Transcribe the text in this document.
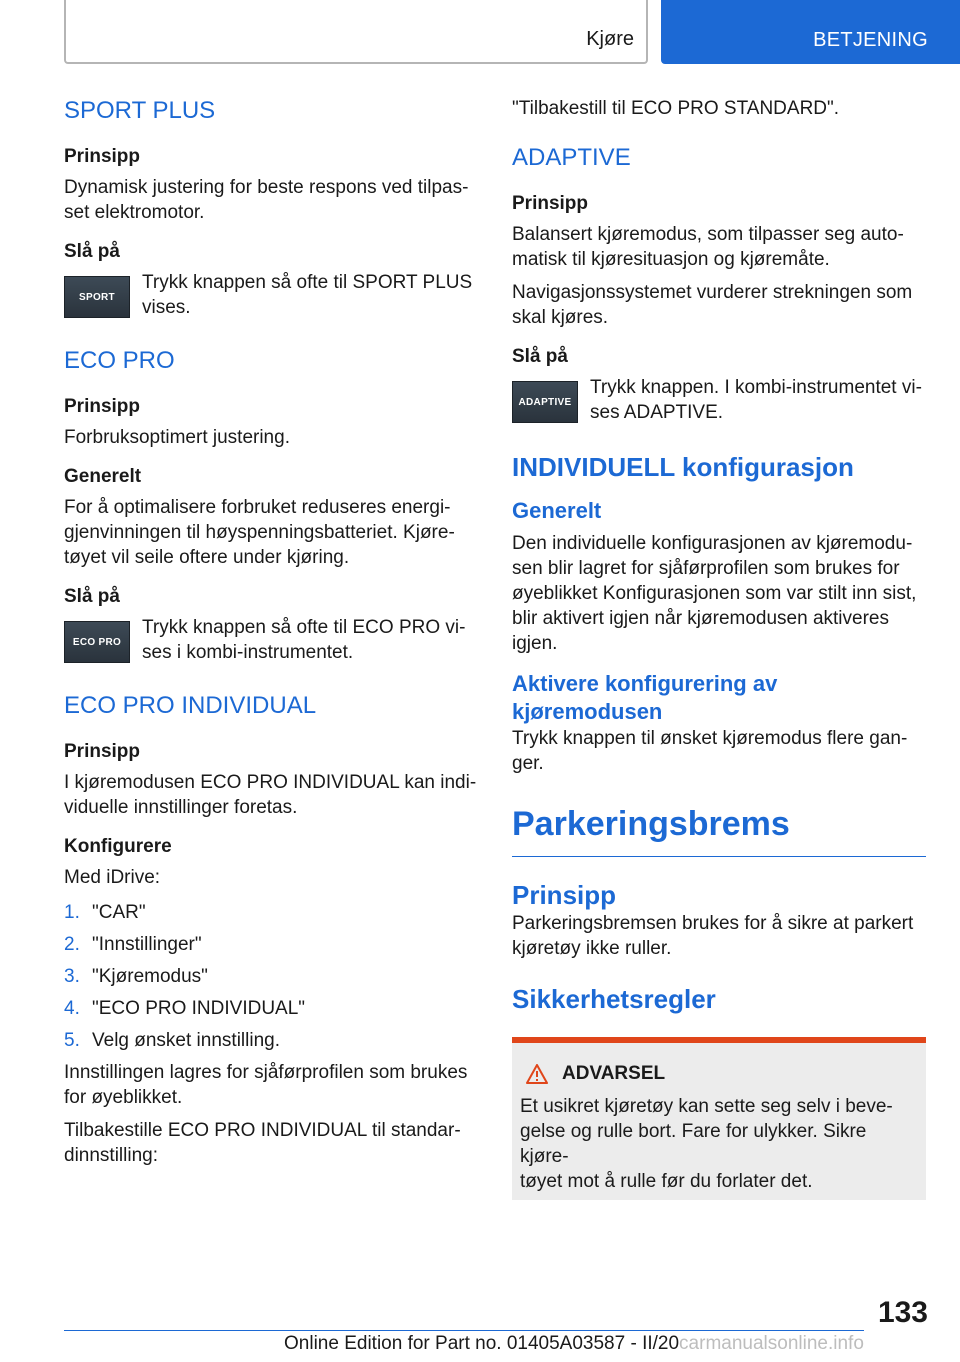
Kjøre	BETJENING
SPORT PLUS
Prinsipp

Dynamisk justering for beste respons ved tilpas-

set elektromotor.

Slå på
SPORT

Trykk knappen så ofte til SPORT PLUS

vises.

ECO PRO
Prinsipp

Forbruksoptimert justering.

Generelt

For å optimalisere forbruket reduseres energi-

gjenvinningen til høyspenningsbatteriet. Kjøre-

tøyet vil seile oftere under kjøring.

Slå på
ECO PRO

Trykk knappen så ofte til ECO PRO vi-

ses i kombi-instrumentet.

ECO PRO INDIVIDUAL
Prinsipp

I kjøremodusen ECO PRO INDIVIDUAL kan indi-

viduelle innstillinger foretas.

Konfigurere

Med iDrive:

1. "CAR"
2. "Innstillinger"
3. "Kjøremodus"
4. "ECO PRO INDIVIDUAL"
5. Velg ønsket innstilling.

Innstillingen lagres for sjåførprofilen som brukes

for øyeblikket.

Tilbakestille ECO PRO INDIVIDUAL til standar-

dinnstilling:

"Tilbakestill til ECO PRO STANDARD".

ADAPTIVE
Prinsipp

Balansert kjøremodus, som tilpasser seg auto-

matisk til kjøresituasjon og kjøremåte.

Navigasjonssystemet vurderer strekningen som

skal kjøres.

Slå på
ADAPTIVE

Trykk knappen. I kombi-instrumentet vi-

ses ADAPTIVE.

INDIVIDUELL konfigurasjon
Generelt

Den individuelle konfigurasjonen av kjøremodu-

sen blir lagret for sjåførprofilen som brukes for

øyeblikket Konfigurasjonen som var stilt inn sist,

blir aktivert igjen når kjøremodusen aktiveres

igjen.

Aktivere konfigurering av
kjøremodusen

Trykk knappen til ønsket kjøremodus flere gan-

ger.

Parkeringsbrems
Prinsipp

Parkeringsbremsen brukes for å sikre at parkert

kjøretøy ikke ruller.

Sikkerhetsregler
ADVARSEL

Et usikret kjøretøy kan sette seg selv i beve-

gelse og rulle bort. Fare for ulykker. Sikre kjøre-

tøyet mot å rulle før du forlater det.

133
Online Edition for Part no. 01405A03587 - II/20carmanualsonline.info
